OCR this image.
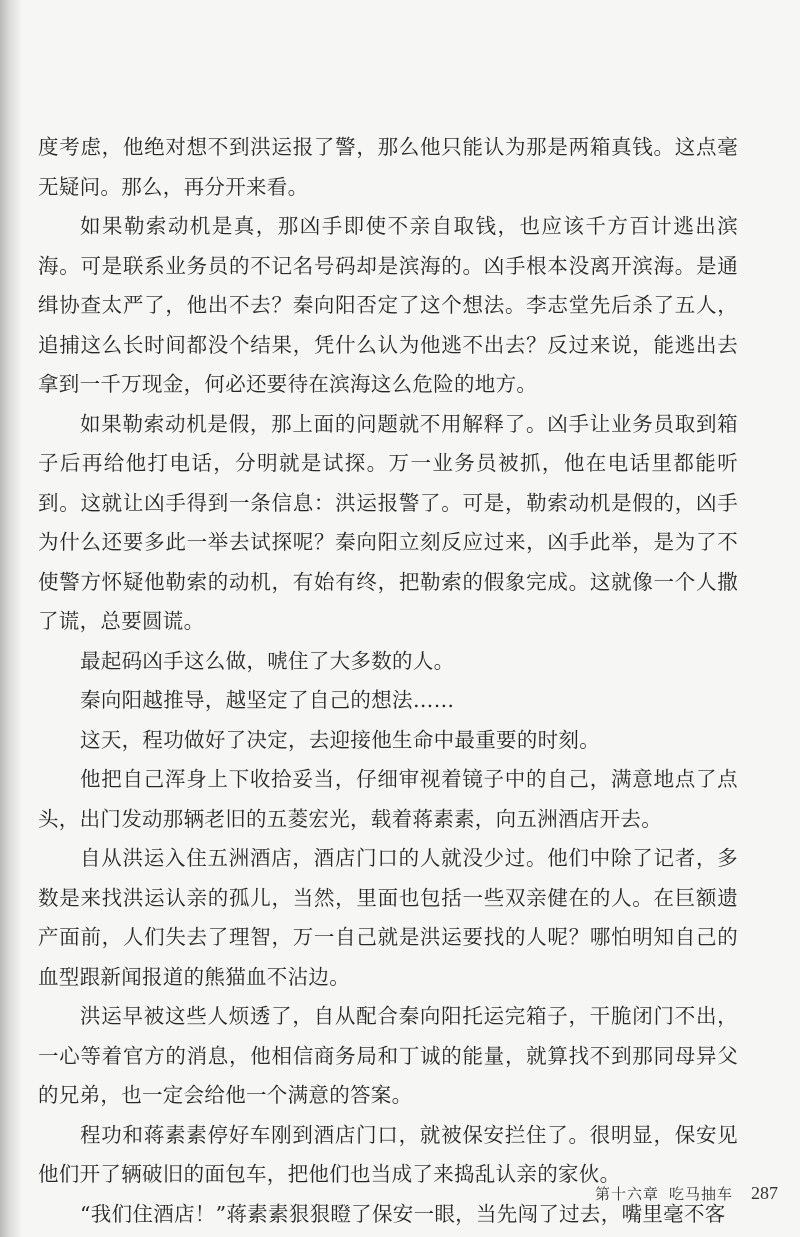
度考虑，他绝对想不到洪运报了警，那么他只能认为那是两箱真钱。这点毫无疑问。那么，再分开来看。

如果勒索动机是真，那凶手即使不亲自取钱，也应该千方百计逃出滨海。可是联系业务员的不记名号码却是滨海的。凶手根本没离开滨海。是通缉协查太严了，他出不去？秦向阳否定了这个想法。李志堂先后杀了五人，追捕这么长时间都没个结果，凭什么认为他逃不出去？反过来说，能逃出去拿到一千万现金，何必还要待在滨海这么危险的地方。

如果勒索动机是假，那上面的问题就不用解释了。凶手让业务员取到箱子后再给他打电话，分明就是试探。万一业务员被抓，他在电话里都能听到。这就让凶手得到一条信息：洪运报警了。可是，勒索动机是假的，凶手为什么还要多此一举去试探呢？秦向阳立刻反应过来，凶手此举，是为了不使警方怀疑他勒索的动机，有始有终，把勒索的假象完成。这就像一个人撒了谎，总要圆谎。

最起码凶手这么做，唬住了大多数的人。

秦向阳越推导，越坚定了自己的想法……

这天，程功做好了决定，去迎接他生命中最重要的时刻。

他把自己浑身上下收拾妥当，仔细审视着镜子中的自己，满意地点了点头，出门发动那辆老旧的五菱宏光，载着蒋素素，向五洲酒店开去。

自从洪运入住五洲酒店，酒店门口的人就没少过。他们中除了记者，多数是来找洪运认亲的孤儿，当然，里面也包括一些双亲健在的人。在巨额遗产面前，人们失去了理智，万一自己就是洪运要找的人呢？哪怕明知自己的血型跟新闻报道的熊猫血不沾边。

洪运早被这些人烦透了，自从配合秦向阳托运完箱子，干脆闭门不出，一心等着官方的消息，他相信商务局和丁诚的能量，就算找不到那同母异父的兄弟，也一定会给他一个满意的答案。

程功和蒋素素停好车刚到酒店门口，就被保安拦住了。很明显，保安见他们开了辆破旧的面包车，把他们也当成了来捣乱认亲的家伙。

“我们住酒店！”蒋素素狠狠瞪了保安一眼，当先闯了过去，嘴里毫不客

第十六章 吃马抽车 287
